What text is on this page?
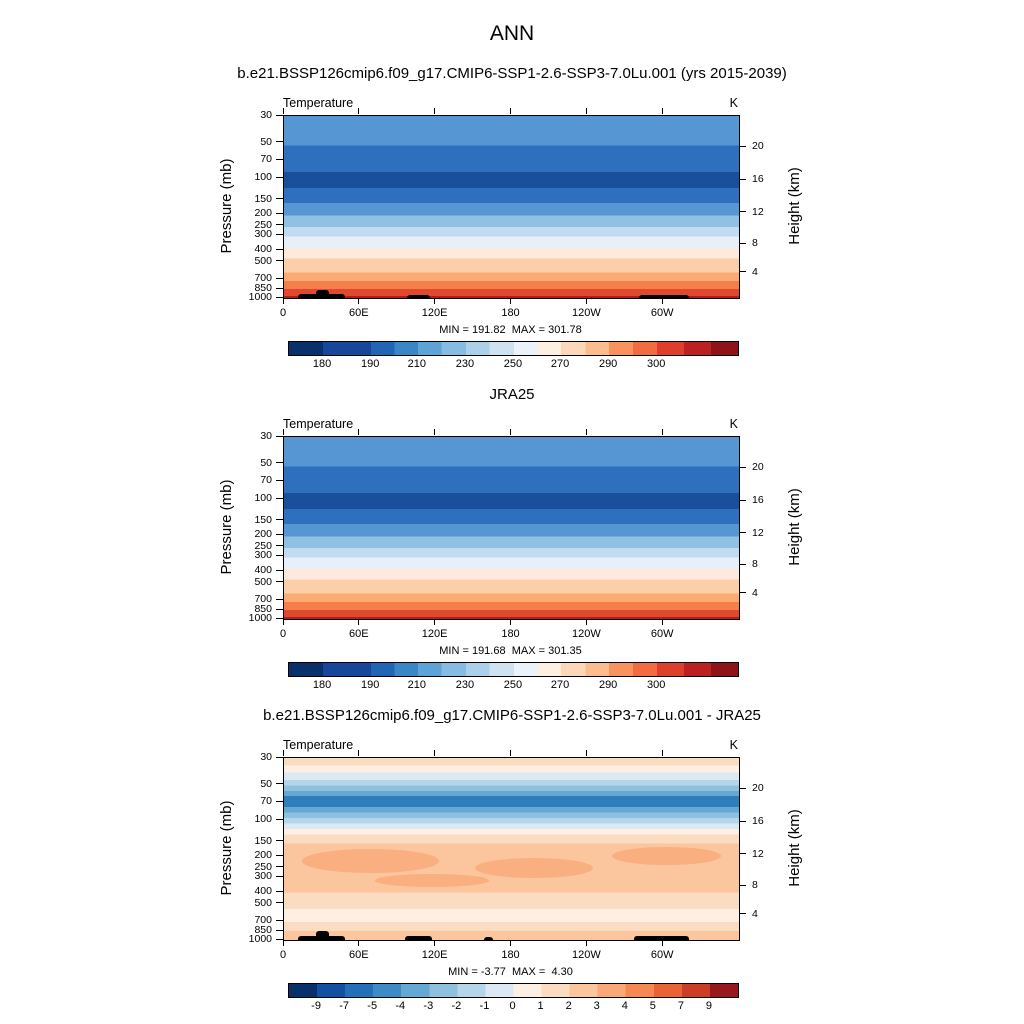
ANN
b.e21.BSSP126cmip6.f09_g17.CMIP6-SSP1-2.6-SSP3-7.0Lu.001 (yrs 2015-2039)
Temperature	K
Pressure (mb)	Height (km)
30
50
70
100
150
200
250
300
400
500
700
850
1000
20
16
12
8
4
0	60E	120E	180	120W	60W
MIN = 191.82  MAX = 301.78
180	190	210	230	250	270	290	300
JRA25
Temperature	K
Pressure (mb)	Height (km)
30
50
70
100
150
200
250
300
400
500
700
850
1000
20
16
12
8
4
0	60E	120E	180	120W	60W
MIN = 191.68  MAX = 301.35
180	190	210	230	250	270	290	300
b.e21.BSSP126cmip6.f09_g17.CMIP6-SSP1-2.6-SSP3-7.0Lu.001 - JRA25
Temperature	K
Pressure (mb)	Height (km)
30
50
70
100
150
200
250
300
400
500
700
850
1000
20
16
12
8
4
0	60E	120E	180	120W	60W
MIN = -3.77  MAX =  4.30
-9 -7 -5 -4 -3 -2 -1 0 1 2 3 4 5 7 9
